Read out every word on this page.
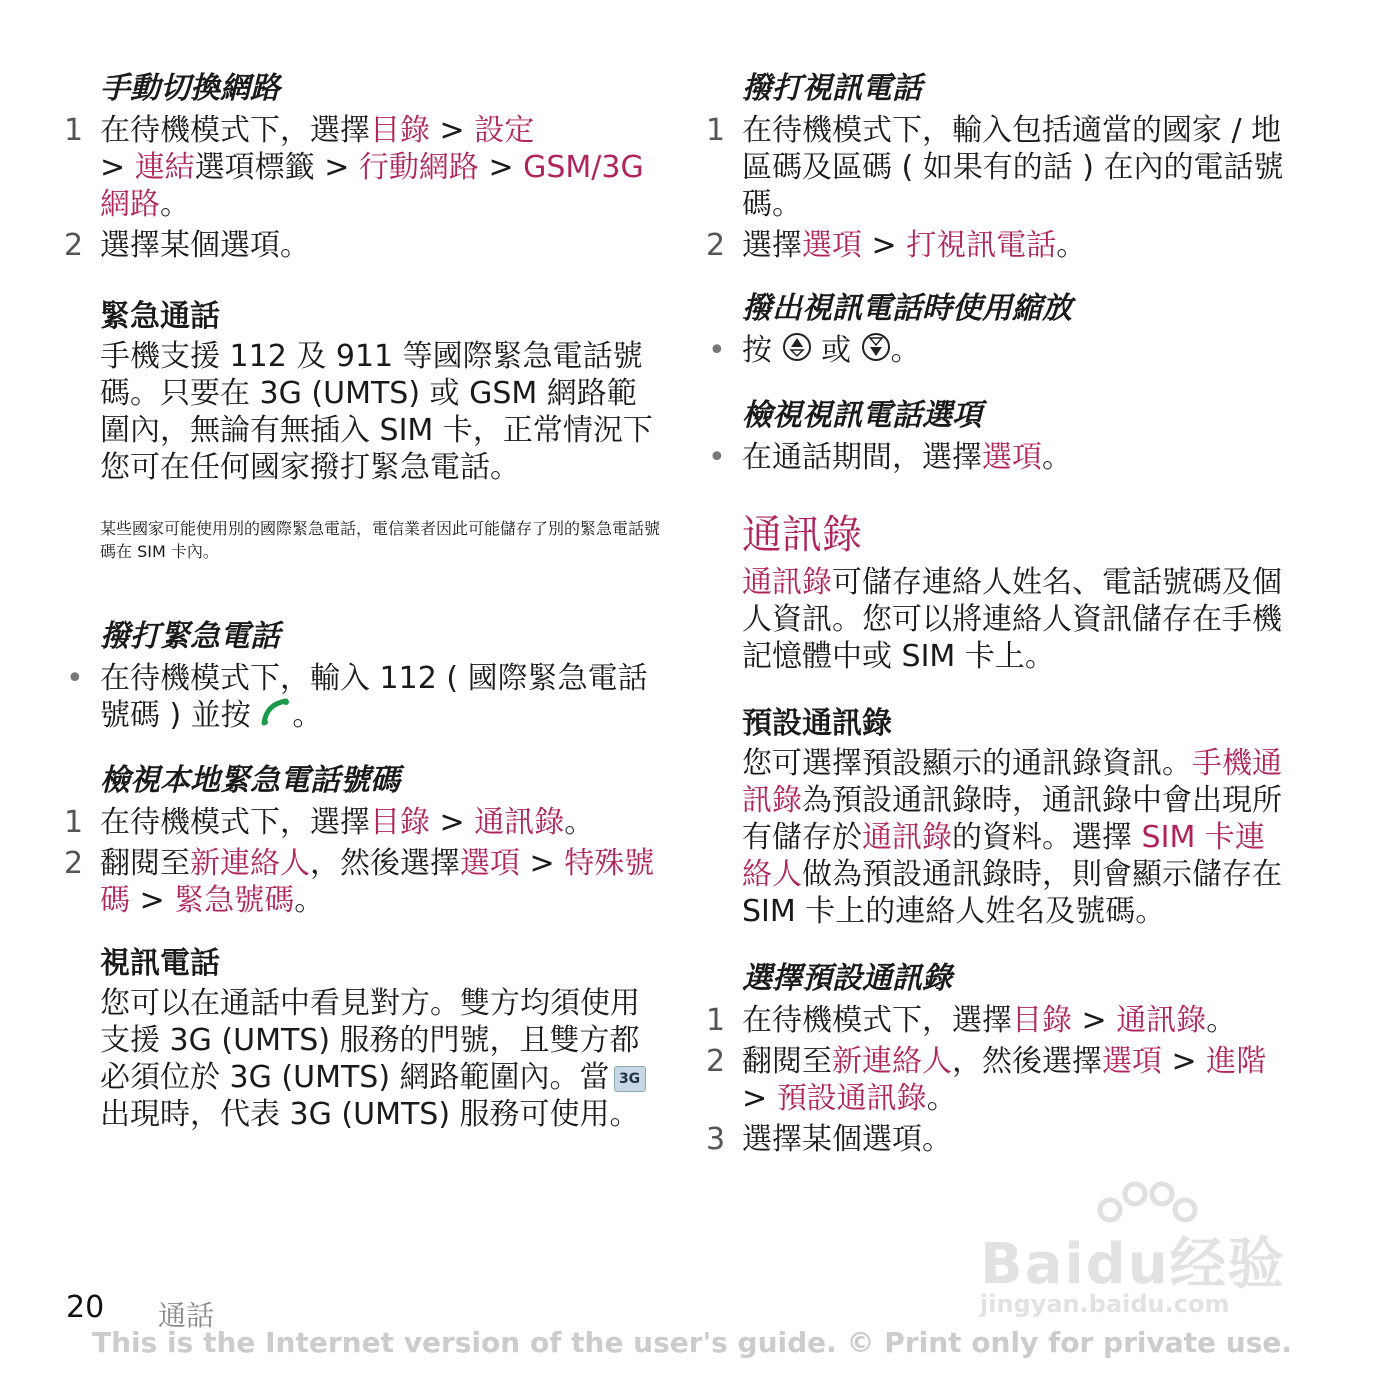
手動切換網路
1 在待機模式下，選擇目錄 > 設定
> 連結選項標籤 > 行動網路 > GSM/3G 網路。
2 選擇某個選項。
緊急通話

手機支援 112 及 911 等國際緊急電話號碼。只要在 3G (UMTS) 或 GSM 網路範圍內，無論有無插入 SIM 卡，正常情況下您可在任何國家撥打緊急電話。

某些國家可能使用別的國際緊急電話，電信業者因此可能儲存了別的緊急電話號碼在 SIM 卡內。

撥打緊急電話
• 在待機模式下，輸入 112 ( 國際緊急電話號碼 ) 並按 。
檢視本地緊急電話號碼
1 在待機模式下，選擇目錄 > 通訊錄。
2 翻閱至新連絡人，然後選擇選項 > 特殊號碼 > 緊急號碼。
視訊電話

您可以在通話中看見對方。雙方均須使用支援 3G (UMTS) 服務的門號，且雙方都必須位於 3G (UMTS) 網路範圍內。當 3G出現時，代表 3G (UMTS) 服務可使用。

撥打視訊電話
1 在待機模式下，輸入包括適當的國家 / 地區碼及區碼 ( 如果有的話 ) 在內的電話號碼。
2 選擇選項 > 打視訊電話。
撥出視訊電話時使用縮放
• 按 或 。
檢視視訊電話選項
• 在通話期間，選擇選項。
通訊錄

通訊錄可儲存連絡人姓名、電話號碼及個人資訊。您可以將連絡人資訊儲存在手機記憶體中或 SIM 卡上。

預設通訊錄

您可選擇預設顯示的通訊錄資訊。手機通訊錄為預設通訊錄時，通訊錄中會出現所有儲存於通訊錄的資料。選擇 SIM 卡連絡人做為預設通訊錄時，則會顯示儲存在 SIM 卡上的連絡人姓名及號碼。

選擇預設通訊錄
1 在待機模式下，選擇目錄 > 通訊錄。
2 翻閱至新連絡人，然後選擇選項 > 進階
> 預設通訊錄。
3 選擇某個選項。
Baidu经验
jingyan.baidu.com
20 通話
This is the Internet version of the user's guide. © Print only for private use.
